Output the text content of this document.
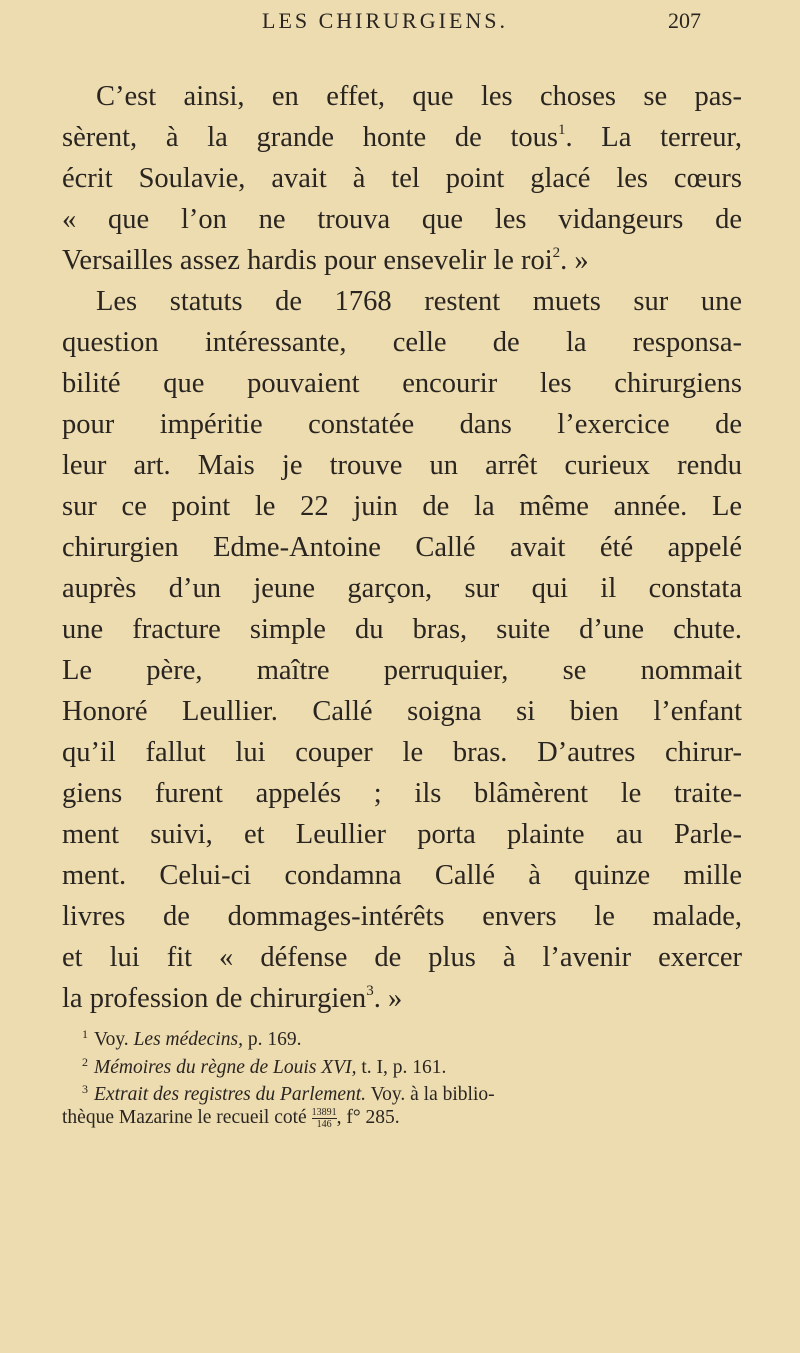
LES CHIRURGIENS.	207
C’est ainsi, en effet, que les choses se pas-
sèrent, à la grande honte de tous$^1$. La terreur,
écrit Soulavie, avait à tel point glacé les cœurs
« que l’on ne trouva que les vidangeurs de
Versailles assez hardis pour ensevelir le roi$^2$. »
Les statuts de 1768 restent muets sur une
question intéressante, celle de la responsa-
bilité que pouvaient encourir les chirurgiens
pour impéritie constatée dans l’exercice de
leur art. Mais je trouve un arrêt curieux rendu
sur ce point le 22 juin de la même année. Le
chirurgien Edme-Antoine Callé avait été appelé
auprès d’un jeune garçon, sur qui il constata
une fracture simple du bras, suite d’une chute.
Le père, maître perruquier, se nommait
Honoré Leullier. Callé soigna si bien l’enfant
qu’il fallut lui couper le bras. D’autres chirur-
giens furent appelés ; ils blâmèrent le traite-
ment suivi, et Leullier porta plainte au Parle-
ment. Celui-ci condamna Callé à quinze mille
livres de dommages-intérêts envers le malade,
et lui fit « défense de plus à l’avenir exercer
la profession de chirurgien$^3$. »
$^1$ Voy. Les médecins, p. 169.
$^2$ Mémoires du règne de Louis XVI, t. I, p. 161.
$^3$ Extrait des registres du Parlement. Voy. à la biblio-
thèque Mazarine le recueil coté $\frac{13891}{146}$ , f° 285.
